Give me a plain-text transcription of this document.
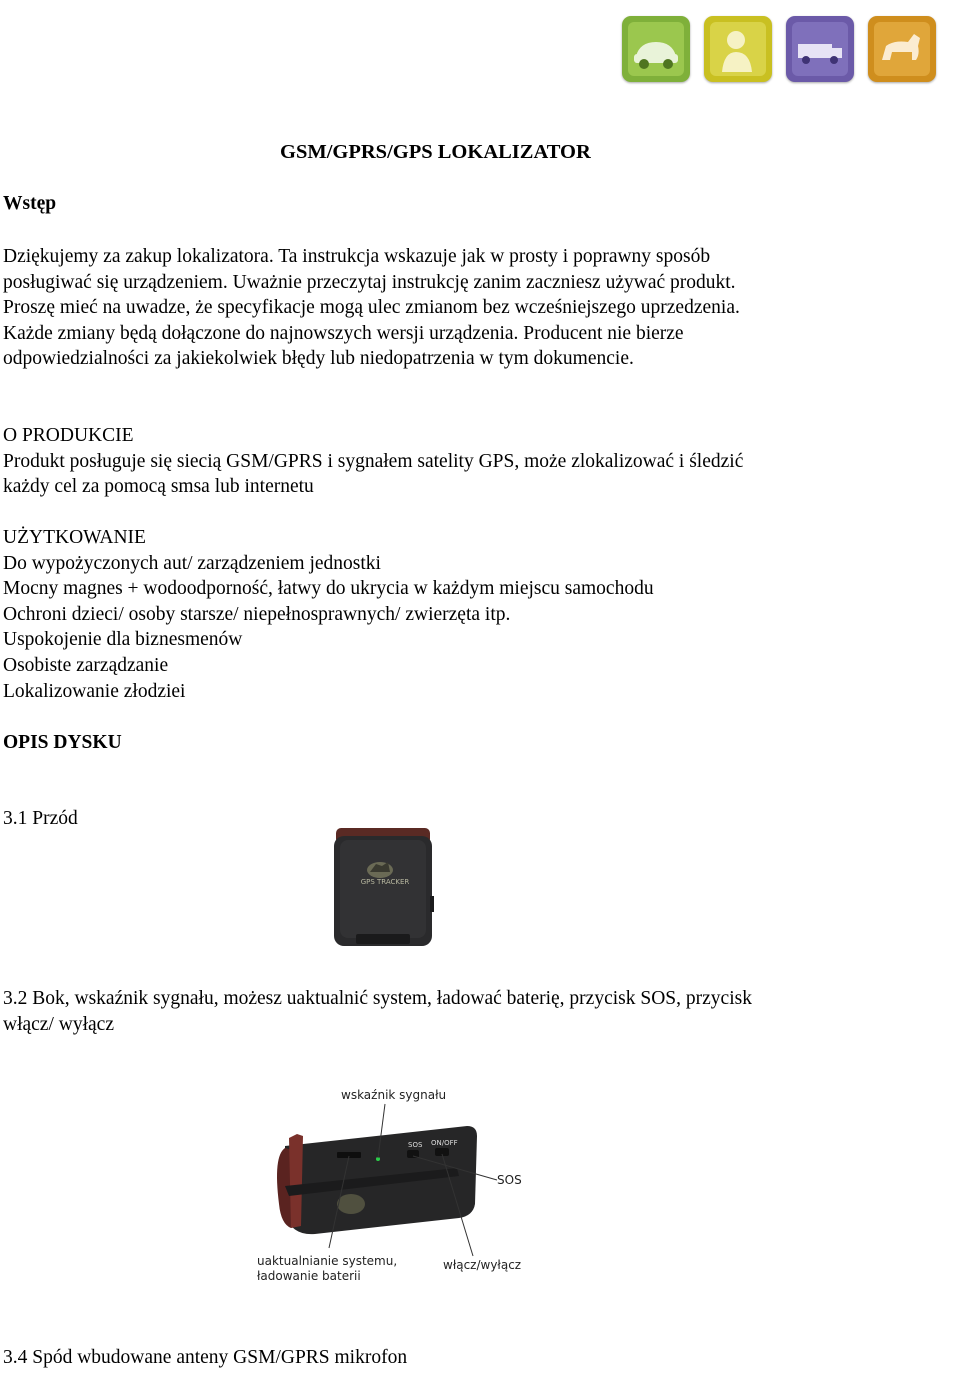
GSM/GPRS/GPS LOKALIZATOR
Wstęp
Dziękujemy za zakup lokalizatora. Ta instrukcja wskazuje jak w prosty i poprawny sposób
posługiwać się urządzeniem. Uważnie przeczytaj instrukcję zanim zaczniesz używać produkt.
Proszę mieć na uwadze, że specyfikacje mogą ulec zmianom bez wcześniejszego uprzedzenia.
Każde zmiany będą dołączone do najnowszych wersji urządzenia. Producent nie bierze
odpowiedzialności za jakiekolwiek błędy lub niedopatrzenia w tym dokumencie.
O PRODUKCIE
Produkt posługuje się siecią GSM/GPRS i sygnałem satelity GPS, może zlokalizować i śledzić
każdy cel za pomocą smsa lub internetu
UŻYTKOWANIE
Do wypożyczonych aut/ zarządzeniem jednostki
Mocny magnes + wodoodporność, łatwy do ukrycia w każdym miejscu samochodu
Ochroni dzieci/ osoby starsze/ niepełnosprawnych/ zwierzęta itp.
Uspokojenie dla biznesmenów
Osobiste zarządzanie
Lokalizowanie złodziei
OPIS DYSKU
3.1 Przód
GPS TRACKER
3.2 Bok, wskaźnik sygnału, możesz uaktualnić system, ładować baterię, przycisk SOS, przycisk
włącz/ wyłącz
SOS ON/OFF
wskaźnik sygnału
SOS
uaktualnianie systemu,
ładowanie baterii
włącz/wyłącz
3.4 Spód wbudowane anteny GSM/GPRS mikrofon
